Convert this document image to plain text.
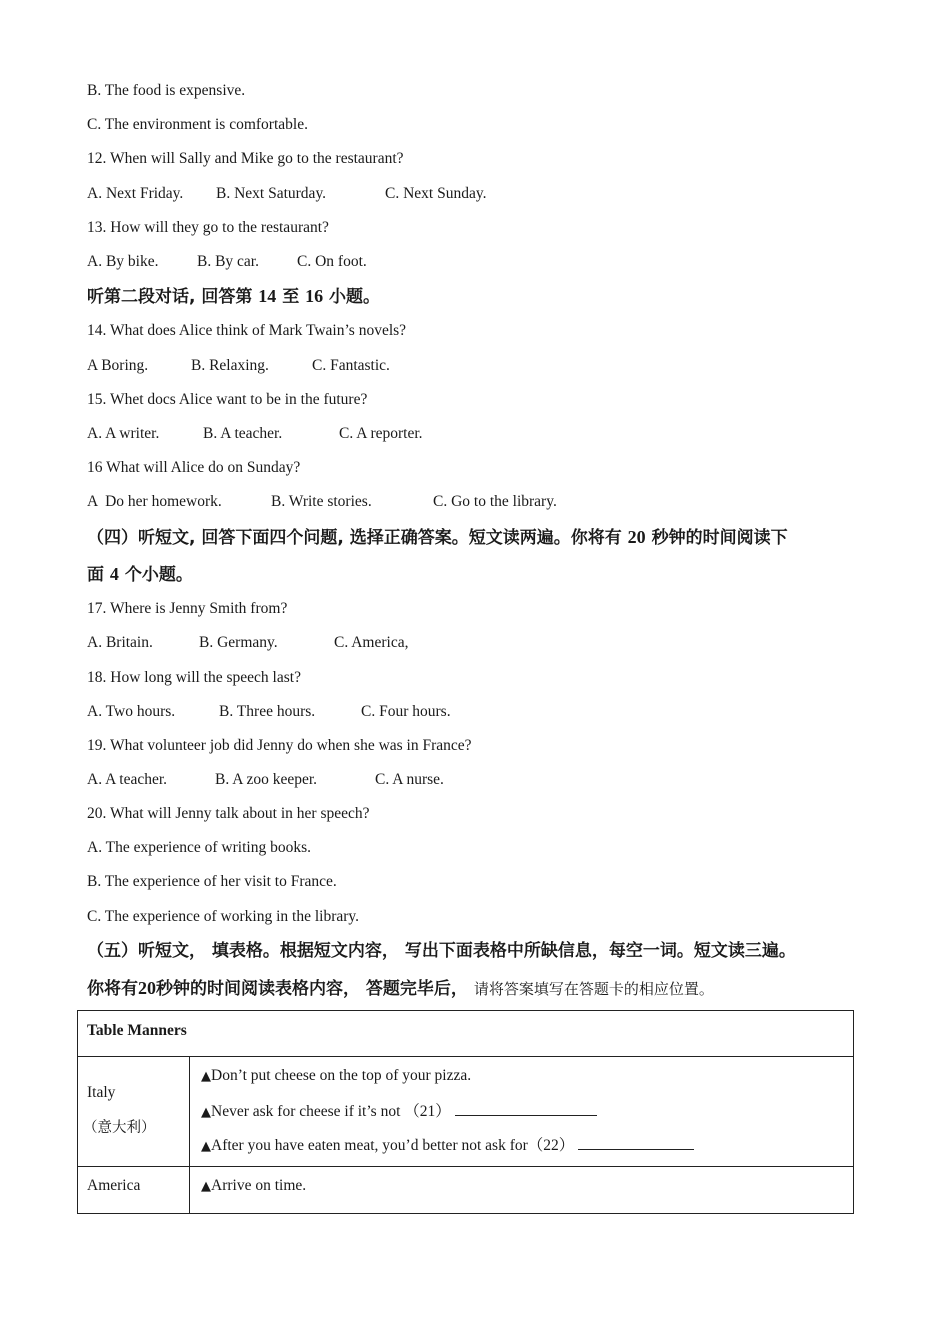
B. The food is expensive.
C. The environment is comfortable.
12. When will Sally and Mike go to the restaurant?
A. Next Friday. B. Next Saturday.	C. Next Sunday.
13. How will they go to the restaurant?
A. By bike. B. By car. C. On foot.
听第二段对话, 回答第 14 至 16 小题。
14. What does Alice think of Mark Twain’s novels?
A Boring.	B. Relaxing.	C. Fantastic.
15. Whet docs Alice want to be in the future?
A. A writer.	B. A teacher.	C. A reporter.
16 What will Alice do on Sunday?
A  Do her homework.	B. Write stories.	C. Go to the library.
（四）听短文, 回答下面四个问题, 选择正确答案。短文读两遍。你将有 20 秒钟的时间阅读下
面 4 个小题。
17. Where is Jenny Smith from?
A. Britain.	B. Germany.	C. America,
18. How long will the speech last?
A. Two hours.	B. Three hours.	C. Four hours.
19. What volunteer job did Jenny do when she was in France?
A. A teacher.	B. A zoo keeper.	C. A nurse.
20. What will Jenny talk about in her speech?
A. The experience of writing books.
B. The experience of her visit to France.
C. The experience of working in the library.
（五）听短文， 填表格。根据短文内容， 写出下面表格中所缺信息，每空一词。短文读三遍。
你将有20秒钟的时间阅读表格内容， 答题完毕后， 请将答案填写在答题卡的相应位置。
Table Manners	
Italy
（意大利）	▲Don’t put cheese on the top of your pizza.
▲Never ask for cheese if it’s not （21）
▲After you have eaten meat, you’d better not ask for（22）

America	▲Arrive on time.
